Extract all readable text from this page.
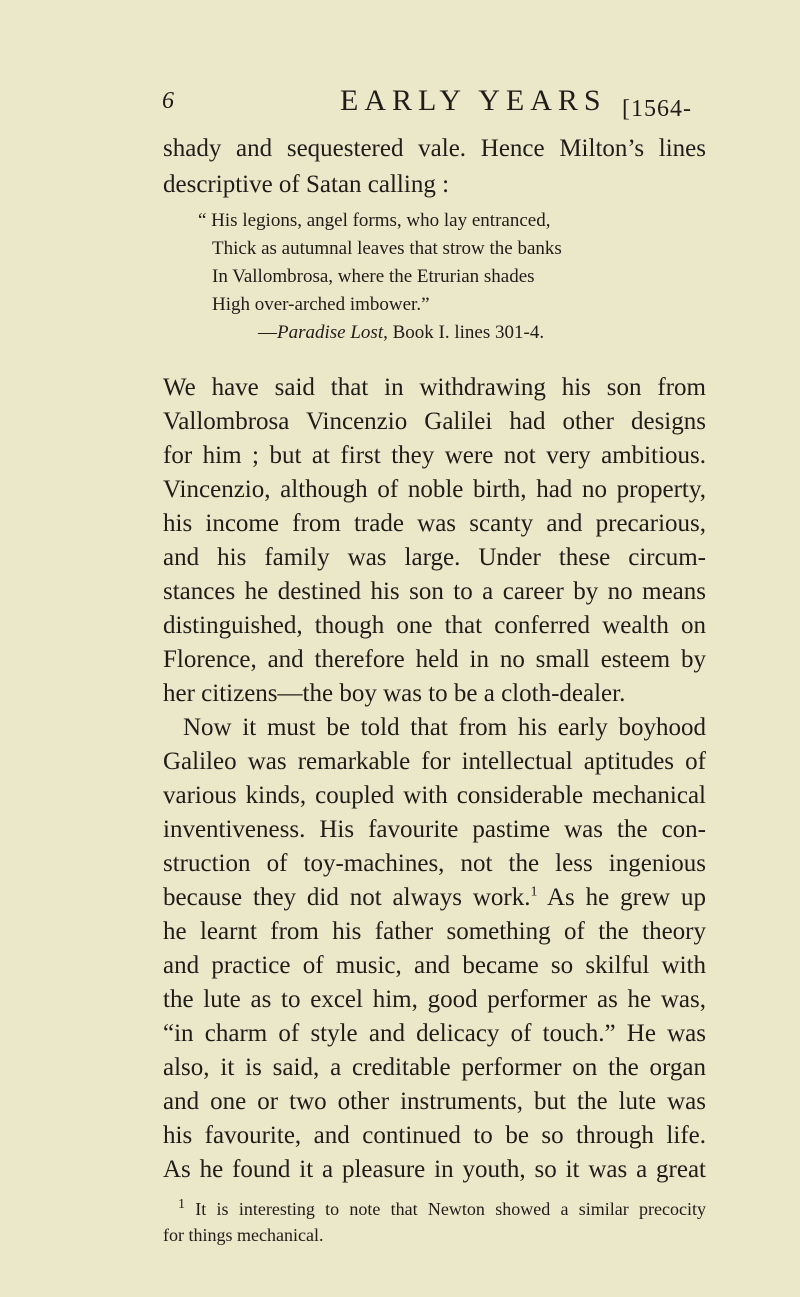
6	EARLY YEARS [1564-
shady and sequestered vale. Hence Milton’s lines
descriptive of Satan calling :
“ His legions, angel forms, who lay entranced,
Thick as autumnal leaves that strow the banks
In Vallombrosa, where the Etrurian shades
High over-arched imbower.”
—Paradise Lost, Book I. lines 301-4.
We have said that in withdrawing his son from
Vallombrosa Vincenzio Galilei had other designs
for him ; but at first they were not very ambitious.
Vincenzio, although of noble birth, had no property,
his income from trade was scanty and precarious,
and his family was large. Under these circum-
stances he destined his son to a career by no means
distinguished, though one that conferred wealth on
Florence, and therefore held in no small esteem by
her citizens—the boy was to be a cloth-dealer.
Now it must be told that from his early boyhood
Galileo was remarkable for intellectual aptitudes of
various kinds, coupled with considerable mechanical
inventiveness. His favourite pastime was the con-
struction of toy-machines, not the less ingenious
because they did not always work.$^1$ As he grew up
he learnt from his father something of the theory
and practice of music, and became so skilful with
the lute as to excel him, good performer as he was,
“in charm of style and delicacy of touch.” He was
also, it is said, a creditable performer on the organ
and one or two other instruments, but the lute was
his favourite, and continued to be so through life.
As he found it a pleasure in youth, so it was a great
$^1$ It is interesting to note that Newton showed a similar precocity
for things mechanical.
